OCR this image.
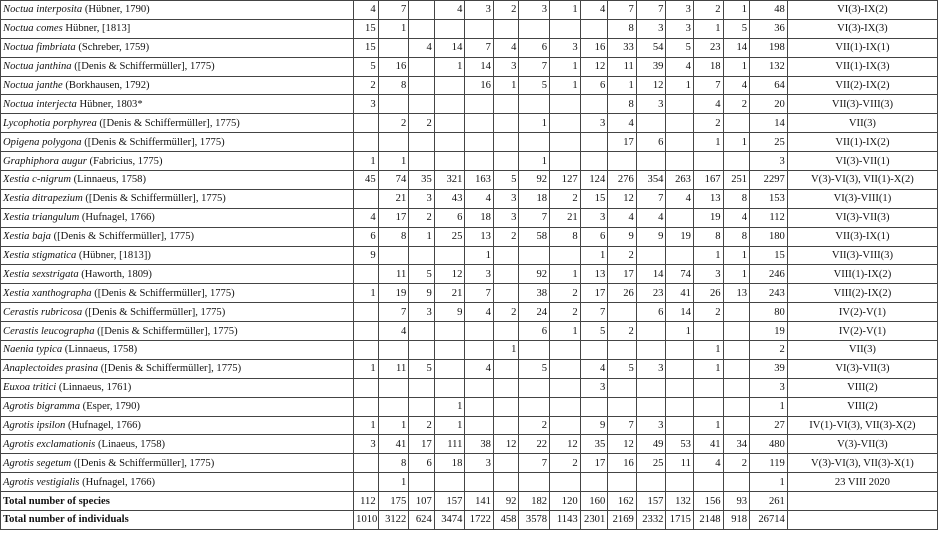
Noctua interposita (Hübner, 1790)	4	7		4	3	2	3	1	4	7	7	3	2	1	48	VI(3)-IX(2)
Noctua comes Hübner, [1813]	15	1								8	3	3	1	5	36	VI(3)-IX(3)
Noctua fimbriata (Schreber, 1759)	15		4	14	7	4	6	3	16	33	54	5	23	14	198	VII(1)-IX(1)
Noctua janthina ([Denis & Schiffermüller], 1775)	5	16		1	14	3	7	1	12	11	39	4	18	1	132	VII(1)-IX(3)
Noctua janthe (Borkhausen, 1792)	2	8			16	1	5	1	6	1	12	1	7	4	64	VII(2)-IX(2)
Noctua interjecta Hübner, 1803*	3									8	3		4	2	20	VII(3)-VIII(3)
Lycophotia porphyrea ([Denis & Schiffermüller], 1775)		2	2				1		3	4			2		14	VII(3)
Opigena polygona ([Denis & Schiffermüller], 1775)										17	6		1	1	25	VII(1)-IX(2)
Graphiphora augur (Fabricius, 1775)	1	1					1								3	VI(3)-VII(1)
Xestia c-nigrum (Linnaeus, 1758)	45	74	35	321	163	5	92	127	124	276	354	263	167	251	2297	V(3)-VI(3), VII(1)-X(2)
Xestia ditrapezium ([Denis & Schiffermüller], 1775)		21	3	43	4	3	18	2	15	12	7	4	13	8	153	VI(3)-VIII(1)
Xestia triangulum (Hufnagel, 1766)	4	17	2	6	18	3	7	21	3	4	4		19	4	112	VI(3)-VII(3)
Xestia baja ([Denis & Schiffermüller], 1775)	6	8	1	25	13	2	58	8	6	9	9	19	8	8	180	VII(3)-IX(1)
Xestia stigmatica (Hübner, [1813])	9				1				1	2			1	1	15	VII(3)-VIII(3)
Xestia sexstrigata (Haworth, 1809)		11	5	12	3		92	1	13	17	14	74	3	1	246	VIII(1)-IX(2)
Xestia xanthographa ([Denis & Schiffermüller], 1775)	1	19	9	21	7		38	2	17	26	23	41	26	13	243	VIII(2)-IX(2)
Cerastis rubricosa ([Denis & Schiffermüller], 1775)		7	3	9	4	2	24	2	7		6	14	2		80	IV(2)-V(1)
Cerastis leucographa ([Denis & Schiffermüller], 1775)		4					6	1	5	2		1			19	IV(2)-V(1)
Naenia typica (Linnaeus, 1758)						1							1		2	VII(3)
Anaplectoides prasina ([Denis & Schiffermüller], 1775)	1	11	5		4		5		4	5	3		1		39	VI(3)-VII(3)
Euxoa tritici (Linnaeus, 1761)									3						3	VIII(2)
Agrotis bigramma (Esper, 1790)				1											1	VIII(2)
Agrotis ipsilon (Hufnagel, 1766)	1	1	2	1			2		9	7	3		1		27	IV(1)-VI(3), VII(3)-X(2)
Agrotis exclamationis (Linaeus, 1758)	3	41	17	111	38	12	22	12	35	12	49	53	41	34	480	V(3)-VII(3)
Agrotis segetum ([Denis & Schiffermüller], 1775)		8	6	18	3		7	2	17	16	25	11	4	2	119	V(3)-VI(3), VII(3)-X(1)
Agrotis vestigialis (Hufnagel, 1766)		1													1	23 VIII 2020
Total number of species	112	175	107	157	141	92	182	120	160	162	157	132	156	93	261	
Total number of individuals	1010	3122	624	3474	1722	458	3578	1143	2301	2169	2332	1715	2148	918	26714	
